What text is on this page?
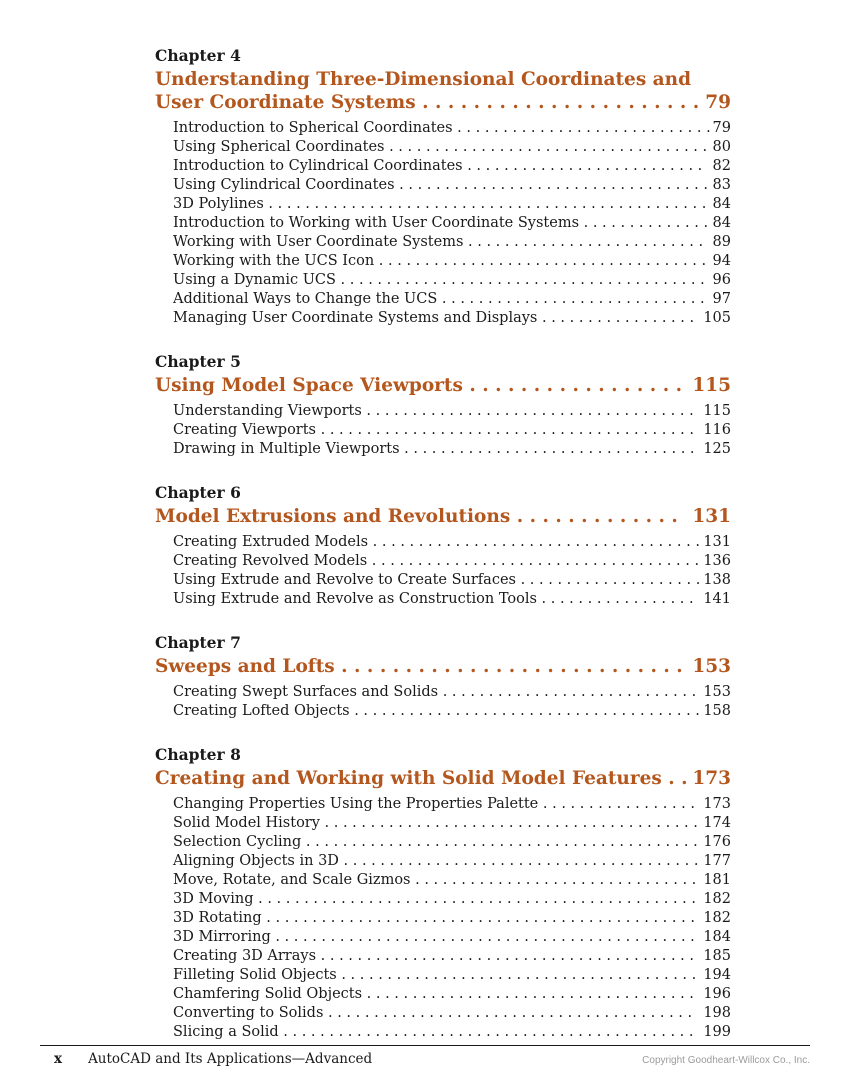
Chapter 4
Understanding Three-Dimensional Coordinates and User Coordinate Systems . . . . . . . . . . . . . . . . . . . . . . 79
Introduction to Spherical Coordinates . . . . . . . . . . . . . . . . . . . . . . . . . . . . 79
Using Spherical Coordinates . . . . . . . . . . . . . . . . . . . . . . . . . . . . . . . . . . . 80
Introduction to Cylindrical Coordinates . . . . . . . . . . . . . . . . . . . . . . . . . . 82
Using Cylindrical Coordinates . . . . . . . . . . . . . . . . . . . . . . . . . . . . . . . . . . 83
3D Polylines . . . . . . . . . . . . . . . . . . . . . . . . . . . . . . . . . . . . . . . . . . . . . . . . 84
Introduction to Working with User Coordinate Systems . . . . . . . . . . . . . . 84
Working with User Coordinate Systems . . . . . . . . . . . . . . . . . . . . . . . . . . 89
Working with the UCS Icon . . . . . . . . . . . . . . . . . . . . . . . . . . . . . . . . . . . . 94
Using a Dynamic UCS . . . . . . . . . . . . . . . . . . . . . . . . . . . . . . . . . . . . . . . . 96
Additional Ways to Change the UCS . . . . . . . . . . . . . . . . . . . . . . . . . . . . . 97
Managing User Coordinate Systems and Displays . . . . . . . . . . . . . . . . . 105
Chapter 5
Using Model Space Viewports . . . . . . . . . . . . . . . . . 115
Understanding Viewports . . . . . . . . . . . . . . . . . . . . . . . . . . . . . . . . . . . . 115
Creating Viewports . . . . . . . . . . . . . . . . . . . . . . . . . . . . . . . . . . . . . . . . . 116
Drawing in Multiple Viewports . . . . . . . . . . . . . . . . . . . . . . . . . . . . . . . . 125
Chapter 6
Model Extrusions and Revolutions . . . . . . . . . . . . . 131
Creating Extruded Models . . . . . . . . . . . . . . . . . . . . . . . . . . . . . . . . . . . . 131
Creating Revolved Models . . . . . . . . . . . . . . . . . . . . . . . . . . . . . . . . . . . . 136
Using Extrude and Revolve to Create Surfaces . . . . . . . . . . . . . . . . . . . . 138
Using Extrude and Revolve as Construction Tools . . . . . . . . . . . . . . . . . 141
Chapter 7
Sweeps and Lofts . . . . . . . . . . . . . . . . . . . . . . . . . . . 153
Creating Swept Surfaces and Solids . . . . . . . . . . . . . . . . . . . . . . . . . . . . 153
Creating Lofted Objects . . . . . . . . . . . . . . . . . . . . . . . . . . . . . . . . . . . . . . 158
Chapter 8
Creating and Working with Solid Model Features . . 173
Changing Properties Using the Properties Palette . . . . . . . . . . . . . . . . . 173
Solid Model History . . . . . . . . . . . . . . . . . . . . . . . . . . . . . . . . . . . . . . . . . 174
Selection Cycling . . . . . . . . . . . . . . . . . . . . . . . . . . . . . . . . . . . . . . . . . . . 176
Aligning Objects in 3D . . . . . . . . . . . . . . . . . . . . . . . . . . . . . . . . . . . . . . . 177
Move, Rotate, and Scale Gizmos . . . . . . . . . . . . . . . . . . . . . . . . . . . . . . . 181
3D Moving . . . . . . . . . . . . . . . . . . . . . . . . . . . . . . . . . . . . . . . . . . . . . . . . 182
3D Rotating . . . . . . . . . . . . . . . . . . . . . . . . . . . . . . . . . . . . . . . . . . . . . . . 182
3D Mirroring . . . . . . . . . . . . . . . . . . . . . . . . . . . . . . . . . . . . . . . . . . . . . . 184
Creating 3D Arrays . . . . . . . . . . . . . . . . . . . . . . . . . . . . . . . . . . . . . . . . . 185
Filleting Solid Objects . . . . . . . . . . . . . . . . . . . . . . . . . . . . . . . . . . . . . . . 194
Chamfering Solid Objects . . . . . . . . . . . . . . . . . . . . . . . . . . . . . . . . . . . . 196
Converting to Solids . . . . . . . . . . . . . . . . . . . . . . . . . . . . . . . . . . . . . . . . 198
Slicing a Solid . . . . . . . . . . . . . . . . . . . . . . . . . . . . . . . . . . . . . . . . . . . . . 199
x AutoCAD and Its Applications—Advanced	Copyright Goodheart-Willcox Co., Inc.
